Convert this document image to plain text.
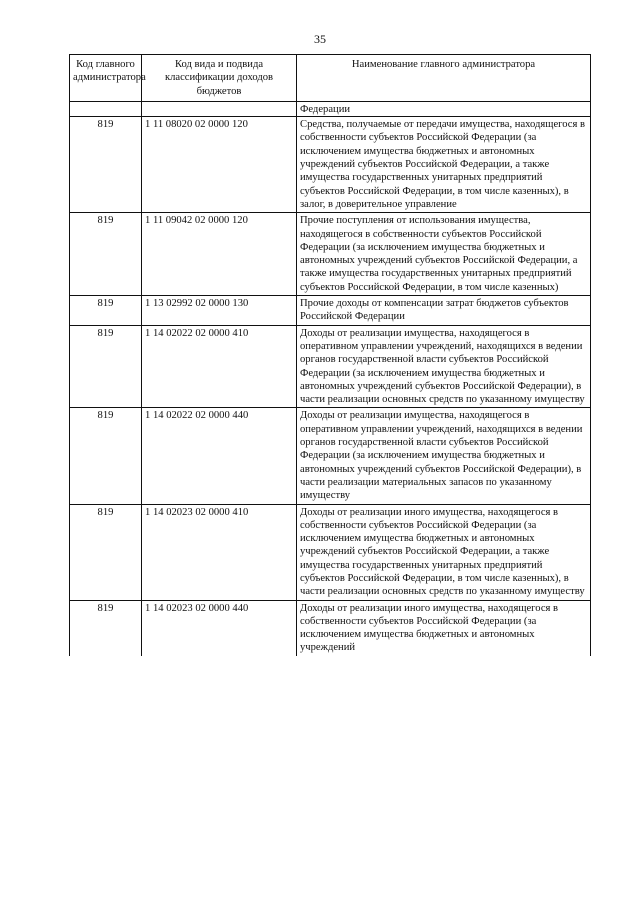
35
Код главного администратора	Код вида и подвида классификации доходов бюджетов	Наименование главного администратора
		Федерации
819	1 11 08020 02 0000 120	Средства, получаемые от передачи имущества, находящегося в собственности субъектов Российской Федерации (за исключением имущества бюджетных и автономных учреждений субъектов Российской Федерации, а также имущества государственных унитарных предприятий субъектов Российской Федерации, в том числе казенных), в залог, в доверительное управление
819	1 11 09042 02 0000 120	Прочие поступления от использования имущества, находящегося в собственности субъектов Российской Федерации (за исключением имущества бюджетных и автономных учреждений субъектов Российской Федерации, а также имущества государственных унитарных предприятий субъектов Российской Федерации, в том числе казенных)
819	1 13 02992 02 0000 130	Прочие доходы от компенсации затрат бюджетов субъектов Российской Федерации
819	1 14 02022 02 0000 410	Доходы от реализации имущества, находящегося в оперативном управлении учреждений, находящихся в ведении органов государственной власти субъектов Российской Федерации (за исключением имущества бюджетных и автономных учреждений субъектов Российской Федерации), в части реализации основных средств по указанному имуществу
819	1 14 02022 02 0000 440	Доходы от реализации имущества, находящегося в оперативном управлении учреждений, находящихся в ведении органов государственной власти субъектов Российской Федерации (за исключением имущества бюджетных и автономных учреждений субъектов Российской Федерации), в части реализации материальных запасов по указанному имуществу
819	1 14 02023 02 0000 410	Доходы от реализации иного имущества, находящегося в собственности субъектов Российской Федерации (за исключением имущества бюджетных и автономных учреждений субъектов Российской Федерации, а также имущества государственных унитарных предприятий субъектов Российской Федерации, в том числе казенных), в части реализации основных средств по указанному имуществу
819	1 14 02023 02 0000 440	Доходы от реализации иного имущества, находящегося в собственности субъектов Российской Федерации (за исключением имущества бюджетных и автономных учреждений
